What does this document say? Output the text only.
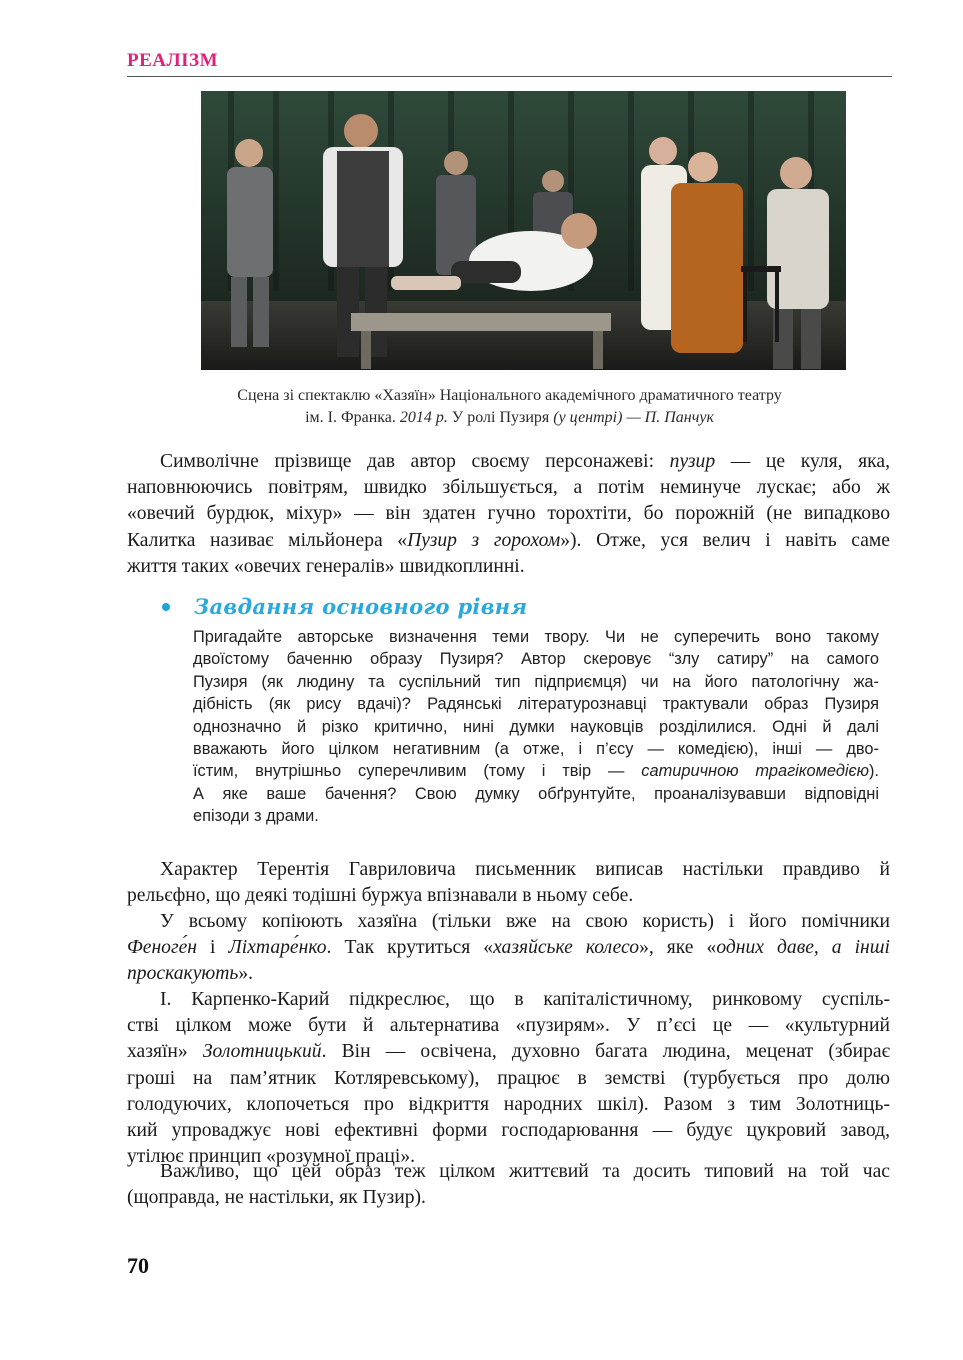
РЕАЛІЗМ

Сцена зі спектаклю «Хазяїн» Національного академічного драматичного театру

ім. І. Франка. 2014 р. У ролі Пузиря (у центрі) — П. Панчук

Символічне прізвище дав автор своєму персонажеві: пузир — це куля, яка,
наповнюючись повітрям, швидко збільшується, а потім неминуче лускає; або ж
«овечий бурдюк, міхур» — він здатен гучно торохтіти, бо порожній (не випадково
Калитка називає мільйонера «Пузир з горохом»). Отже, уся велич і навіть саме
життя таких «овечих генералів» швидкоплинні.
Завдання основного рівня
Пригадайте авторське визначення теми твору. Чи не суперечить воно такому
двоїстому баченню образу Пузиря? Автор скеровує “злу сатиру” на самого
Пузиря (як людину та суспільний тип підприємця) чи на його патологічну жа-
дібність (як рису вдачі)? Радянські літературознавці трактували образ Пузиря
однозначно й різко критично, нині думки науковців розділилися. Одні й далі
вважають його цілком негативним (а отже, і п’єсу — комедією), інші — дво-
їстим, внутрішньо суперечливим (тому і твір — сатиричною трагікомедією).
А яке ваше бачення? Свою думку обґрунтуйте, проаналізувавши відповідні
епізоди з драми.
Характер Терентія Гавриловича письменник виписав настільки правдиво й
рельєфно, що деякі тодішні буржуа впізнавали в ньому себе.
У всьому копіюють хазяїна (тільки вже на свою користь) і його помічники
Феноге́н і Ліхтаре́нко. Так крутиться «хазяйське колесо», яке «одних даве, а інші
проскакують».
І. Карпенко-Карий підкреслює, що в капіталістичному, ринковому суспіль-
стві цілком може бути й альтернатива «пузирям». У п’єсі це — «культурний
хазяїн» Золотницький. Він — освічена, духовно багата людина, меценат (збирає
гроші на пам’ятник Котляревському), працює в земстві (турбується про долю
голодуючих, клопочеться про відкриття народних шкіл). Разом з тим Золотниць-
кий упроваджує нові ефективні форми господарювання — будує цукровий завод,
утілює принцип «розумної праці».
Важливо, що цей образ теж цілком життєвий та досить типовий на той час
(щоправда, не настільки, як Пузир).
70
